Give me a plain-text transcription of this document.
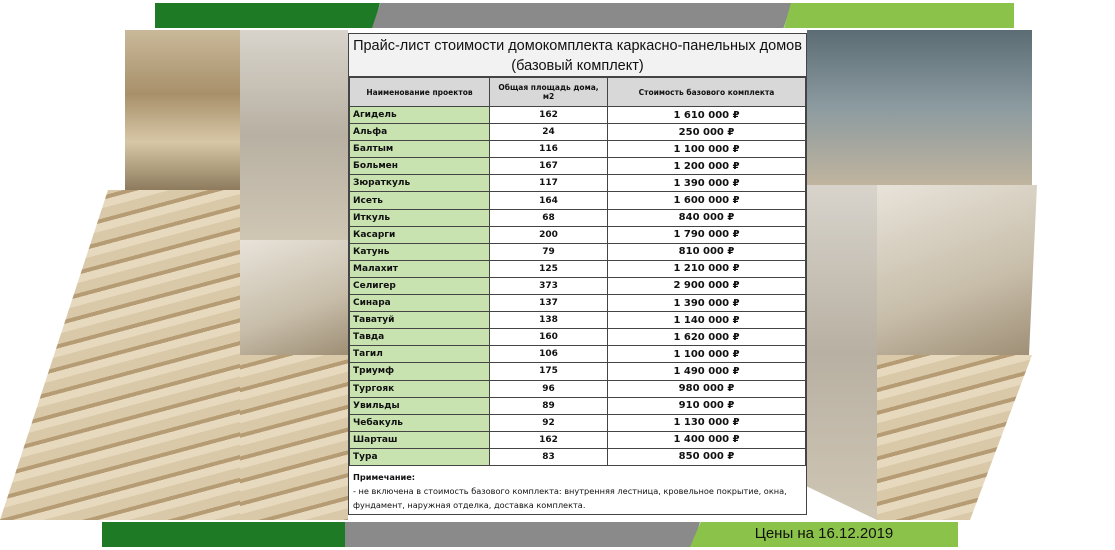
Прайс-лист стоимости домокомплекта каркасно-панельных домов (базовый комплект)
Наименование проектов	Общая площадь дома, м2	Стоимость базового комплекта
Агидель	162	1 610 000 ₽
Альфа	24	250 000 ₽
Балтым	116	1 100 000 ₽
Больмен	167	1 200 000 ₽
Зюраткуль	117	1 390 000 ₽
Исеть	164	1 600 000 ₽
Иткуль	68	840 000 ₽
Касарги	200	1 790 000 ₽
Катунь	79	810 000 ₽
Малахит	125	1 210 000 ₽
Селигер	373	2 900 000 ₽
Синара	137	1 390 000 ₽
Таватуй	138	1 140 000 ₽
Тавда	160	1 620 000 ₽
Тагил	106	1 100 000 ₽
Триумф	175	1 490 000 ₽
Тургояк	96	980 000 ₽
Увильды	89	910 000 ₽
Чебакуль	92	1 130 000 ₽
Шарташ	162	1 400 000 ₽
Тура	83	850 000 ₽
Примечание:
- не включена в стоимость базового комплекта: внутренняя лестница, кровельное покрытие, окна, фундамент, наружная отделка, доставка комплекта.
Цены на 16.12.2019
